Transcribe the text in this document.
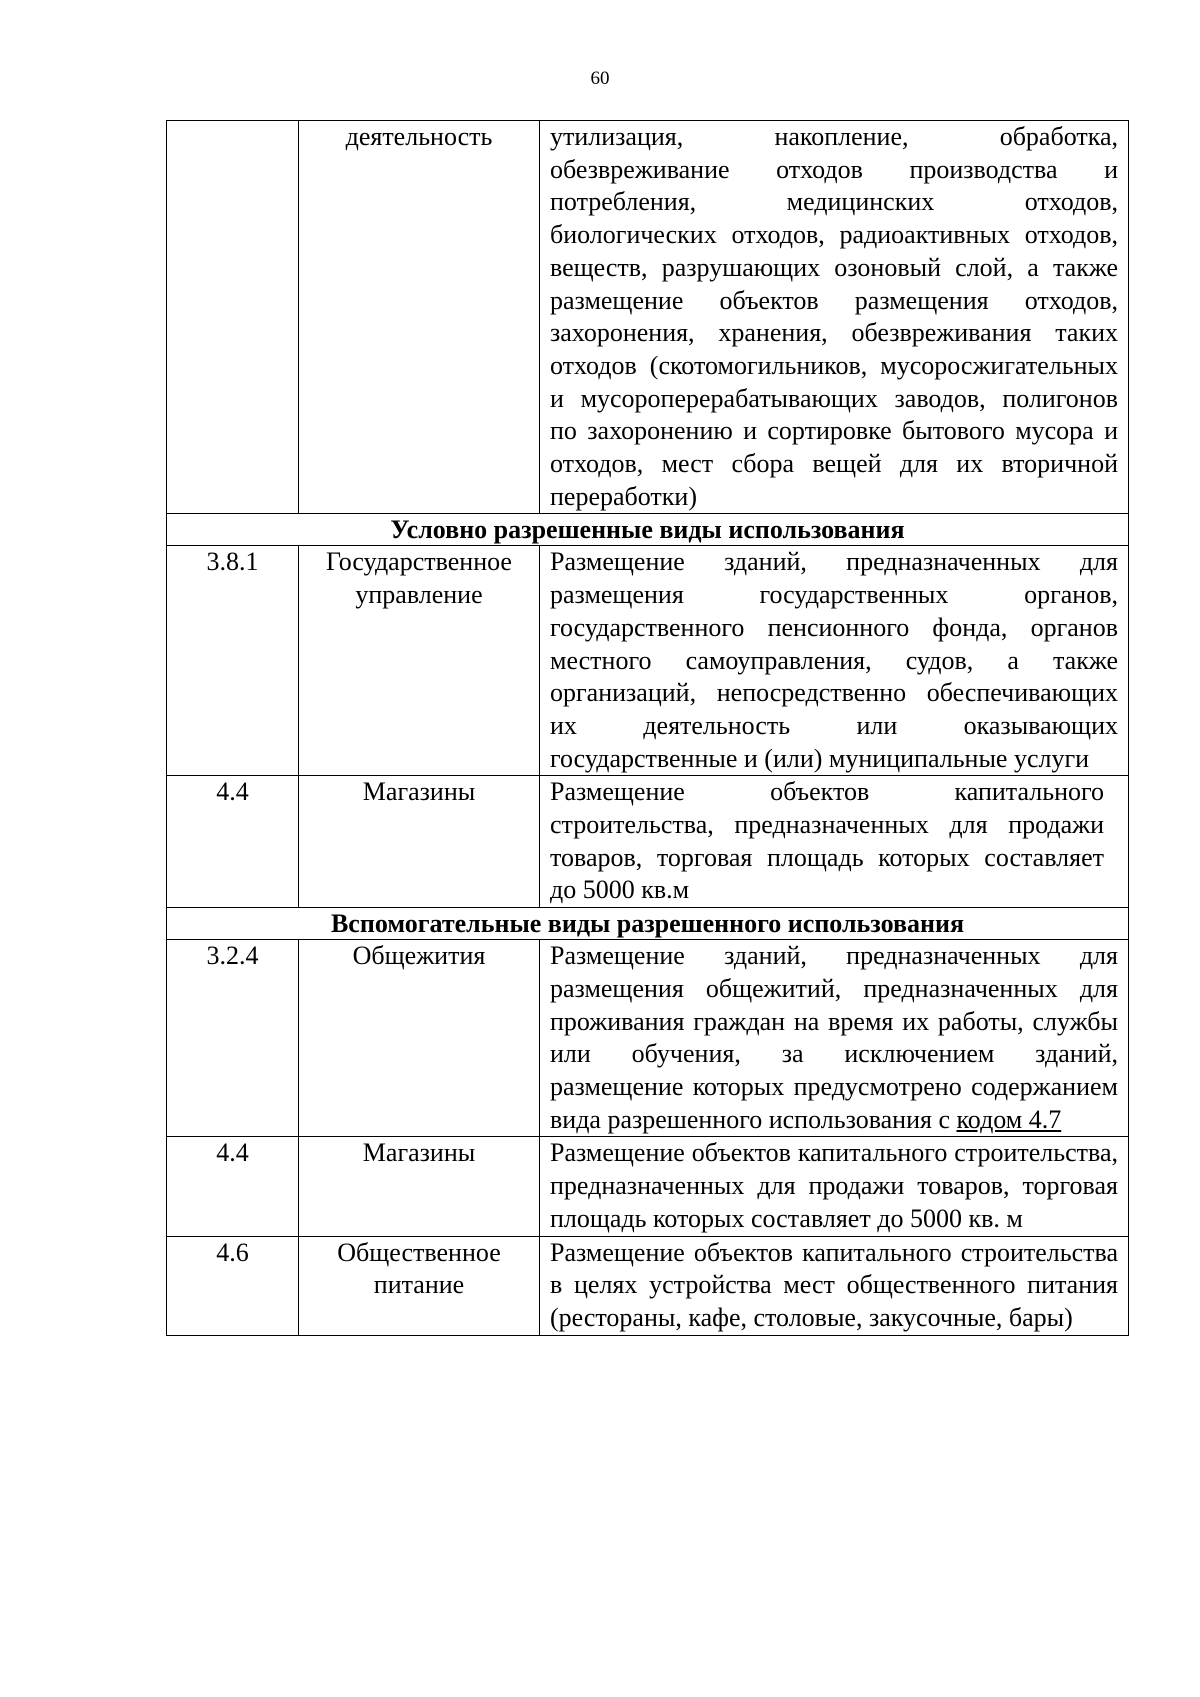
60
	деятельность	утилизация, накопление, обработка, обезвреживание отходов производства и потребления, медицинских отходов, биологических отходов, радиоактивных отходов, веществ, разрушающих озоновый слой, а также размещение объектов размещения отходов, захоронения, хранения, обезвреживания таких отходов (скотомогильников, мусоросжигательных и мусороперерабатывающих заводов, полигонов по захоронению и сортировке бытового мусора и отходов, мест сбора вещей для их вторичной переработки)
Условно разрешенные виды использования		
3.8.1	Государственное управление	Размещение зданий, предназначенных для размещения государственных органов, государственного пенсионного фонда, органов местного самоуправления, судов, а также организаций, непосредственно обеспечивающих их деятельность или оказывающих государственные и (или) муниципальные услуги
4.4	Магазины	Размещение объектов капитального строительства, предназначенных для продажи товаров, торговая площадь которых составляет до 5000 кв.м
Вспомогательные виды разрешенного использования		
3.2.4	Общежития	Размещение зданий, предназначенных для размещения общежитий, предназначенных для проживания граждан на время их работы, службы или обучения, за исключением зданий, размещение которых предусмотрено содержанием вида разрешенного использования с кодом 4.7
4.4	Магазины	Размещение объектов капитального строительства, предназначенных для продажи товаров, торговая площадь которых составляет до 5000 кв. м
4.6	Общественное питание	Размещение объектов капитального строительства в целях устройства мест общественного питания (рестораны, кафе, столовые, закусочные, бары)
